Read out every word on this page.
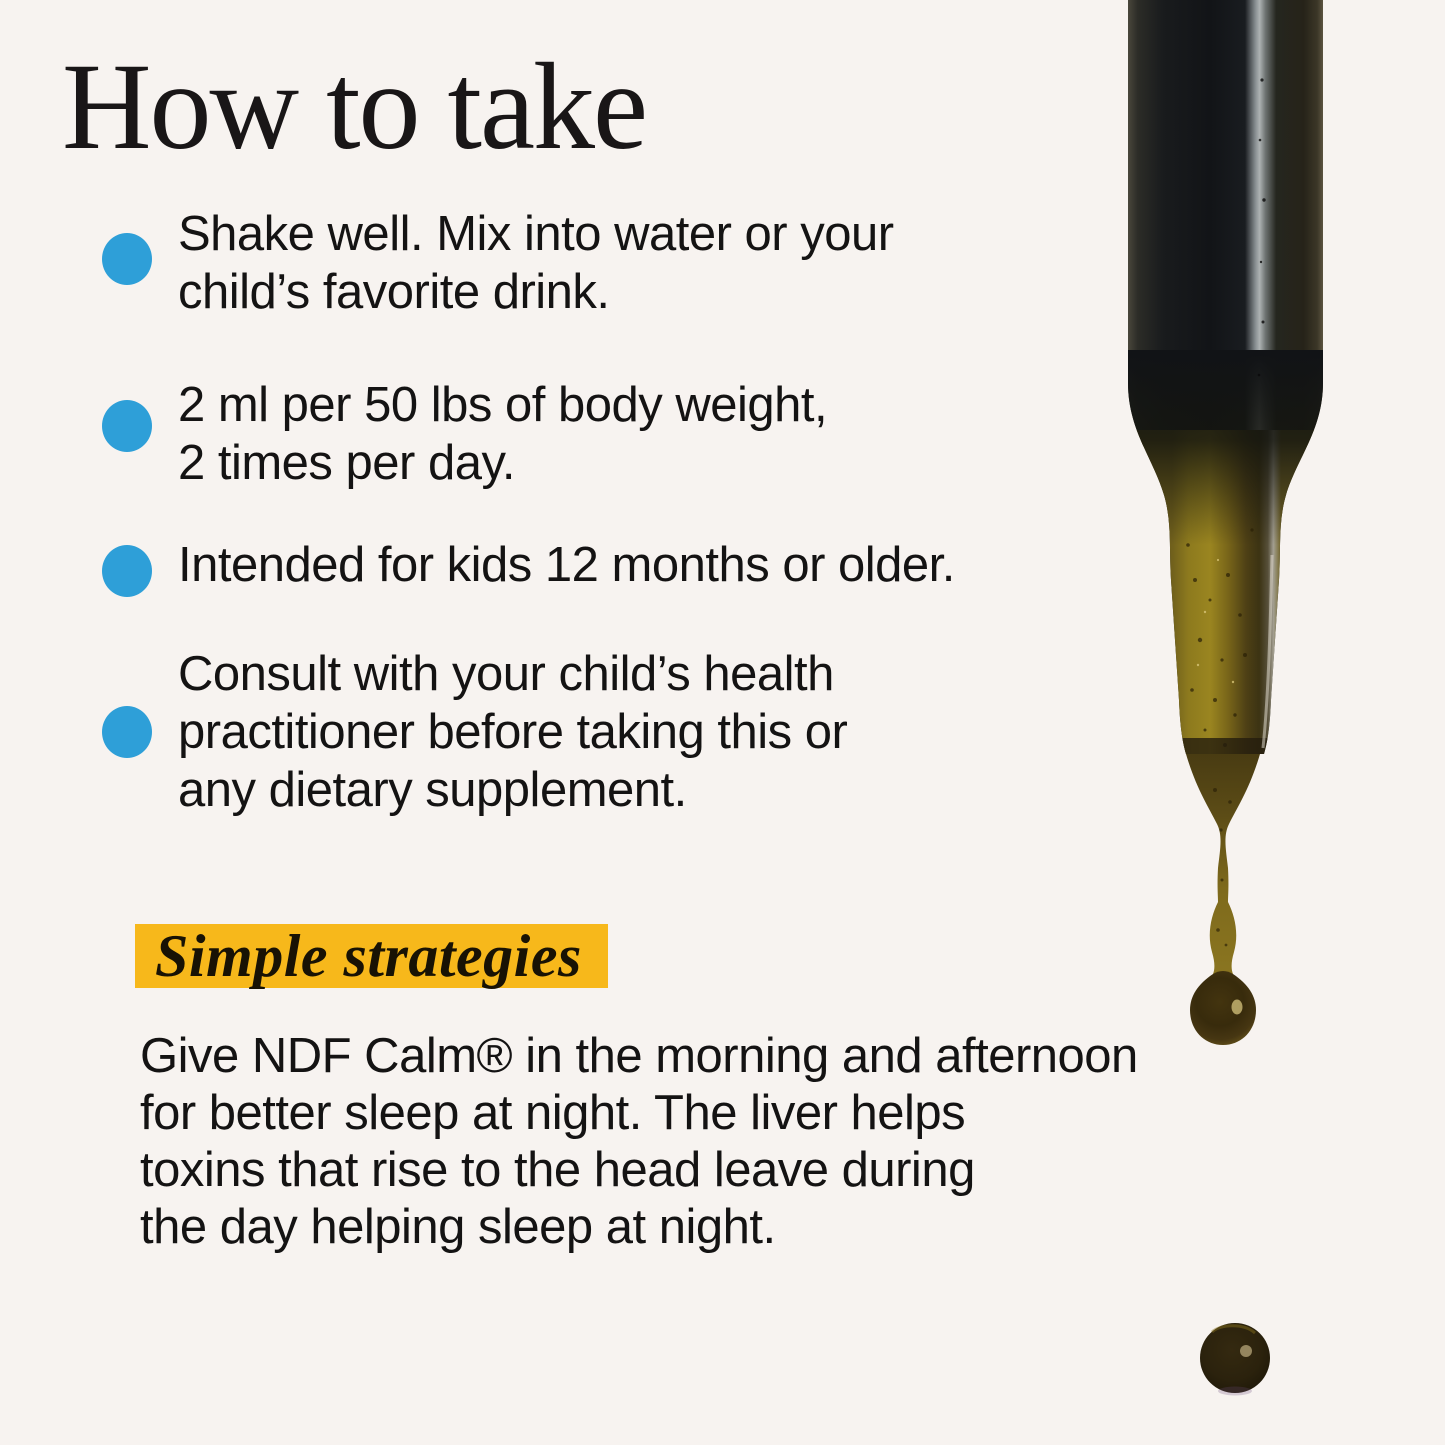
How to take
Shake well. Mix into water or your
child’s favorite drink.
2 ml per 50 lbs of body weight,
2 times per day.
Intended for kids 12 months or older.
Consult with your child’s health
practitioner before taking this or
any dietary supplement.
Simple strategies
Give NDF Calm® in the morning and afternoon
for better sleep at night. The liver helps
toxins that rise to the head leave during
the day helping sleep at night.
